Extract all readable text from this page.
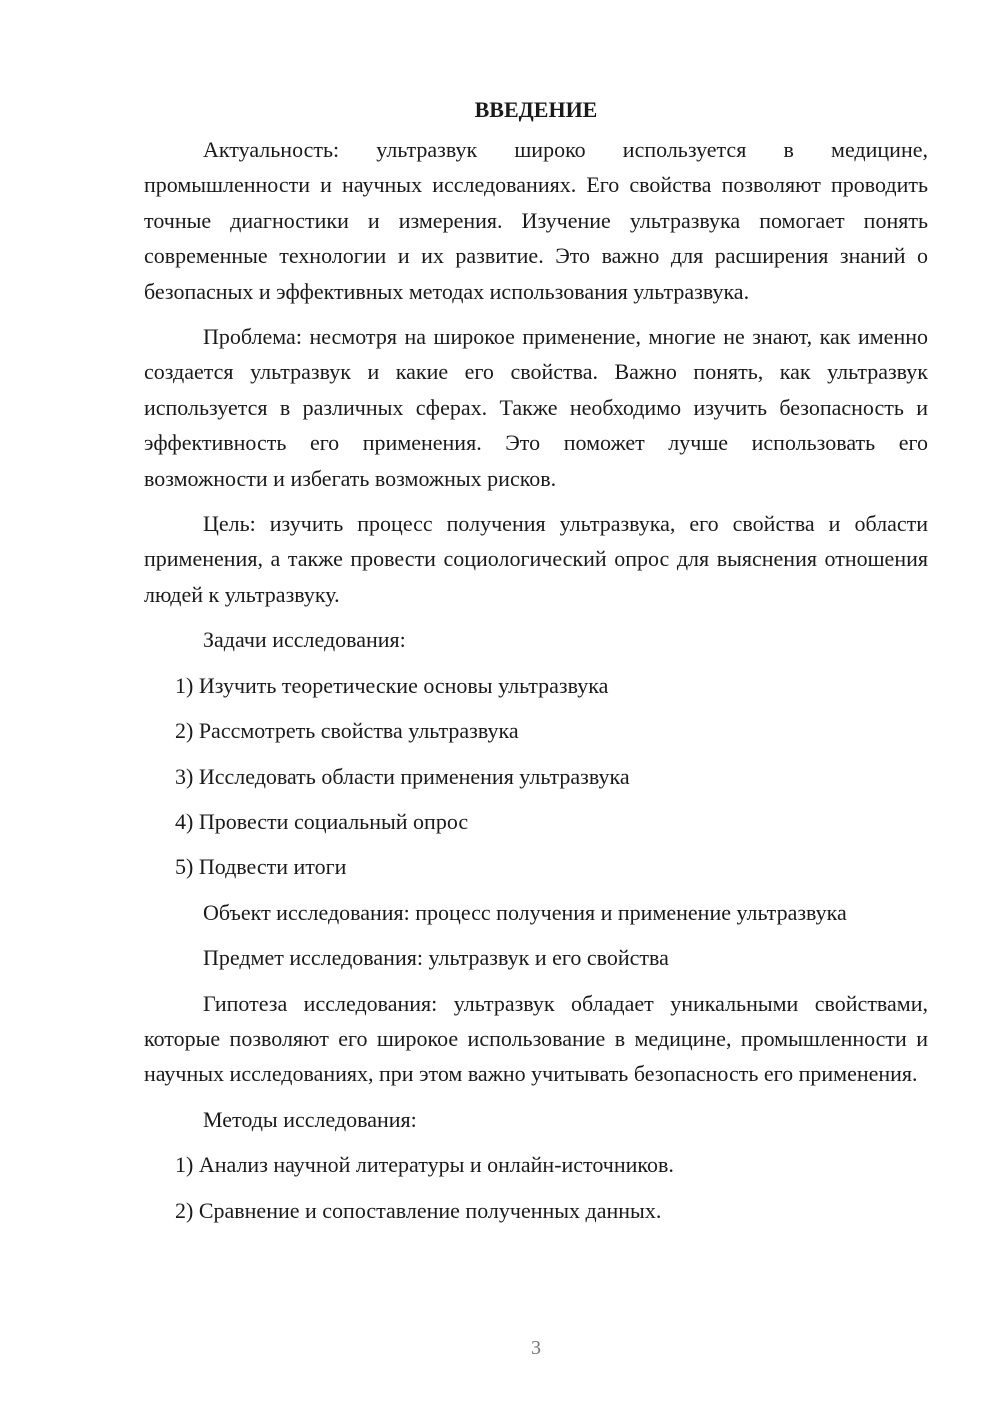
ВВЕДЕНИЕ

Актуальность: ультразвук широко используется в медицине, промышленности и научных исследованиях. Его свойства позволяют проводить точные диагностики и измерения. Изучение ультразвука помогает понять современные технологии и их развитие. Это важно для расширения знаний о безопасных и эффективных методах использования ультразвука.

Проблема: несмотря на широкое применение, многие не знают, как именно создается ультразвук и какие его свойства. Важно понять, как ультразвук используется в различных сферах. Также необходимо изучить безопасность и эффективность его применения. Это поможет лучше использовать его возможности и избегать возможных рисков.

Цель: изучить процесс получения ультразвука, его свойства и области применения, а также провести социологический опрос для выяснения отношения людей к ультразвуку.

Задачи исследования:
1) Изучить теоретические основы ультразвука
2) Рассмотреть свойства ультразвука
3) Исследовать области применения ультразвука
4) Провести социальный опрос
5) Подвести итоги
Объект исследования: процесс получения и применение ультразвука
Предмет исследования: ультразвук и его свойства

Гипотеза исследования: ультразвук обладает уникальными свойствами, которые позволяют его широкое использование в медицине, промышленности и научных исследованиях, при этом важно учитывать безопасность его применения.

Методы исследования:
1) Анализ научной литературы и онлайн-источников.
2) Сравнение и сопоставление полученных данных.
3
